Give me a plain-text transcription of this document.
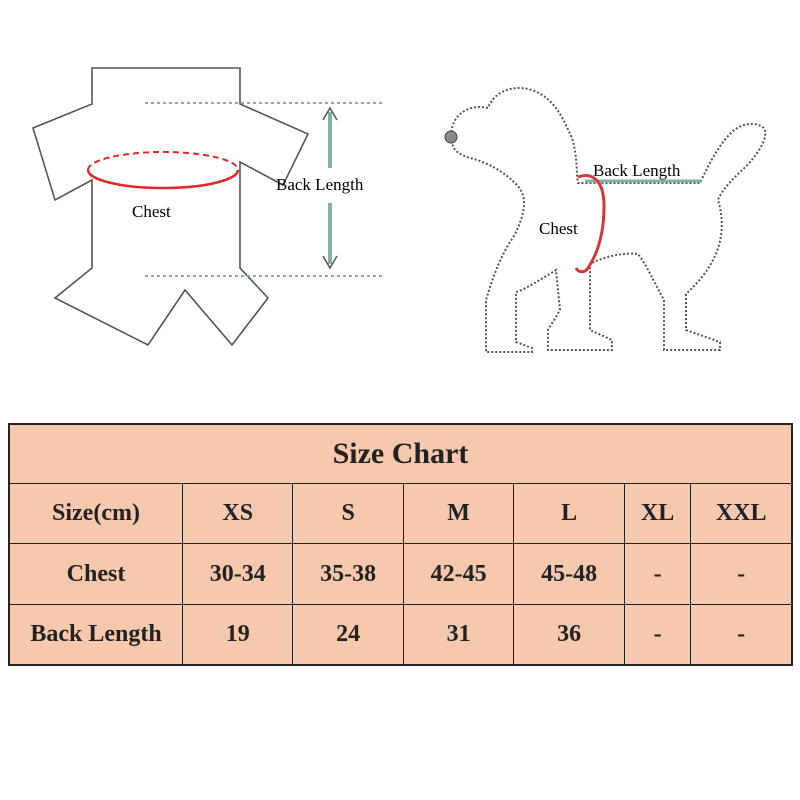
Chest
Back Length
Back Length
Chest
Size Chart						
Size(cm)	XS	S	M	L	XL	XXL
Chest	30-34	35-38	42-45	45-48	-	-
Back Length	19	24	31	36	-	-
